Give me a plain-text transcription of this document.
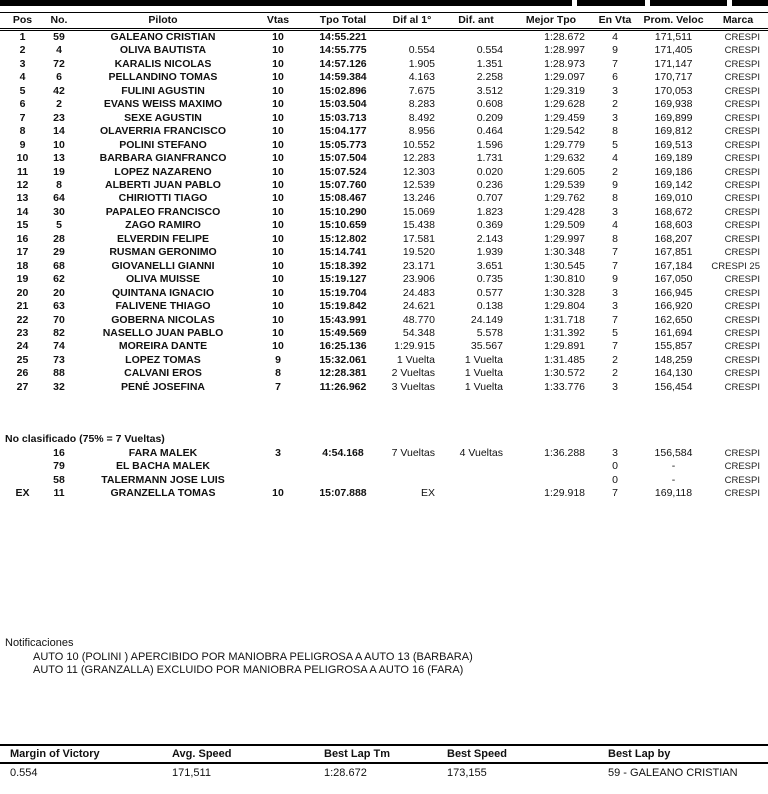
Pos	No.	Piloto	Vtas	Tpo Total	Dif al 1°	Dif. ant	Mejor Tpo	En Vta	Prom. Veloc	Marca
1	59	GALEANO CRISTIAN	10	14:55.221			1:28.672	4	171,511	CRESPI
2	4	OLIVA BAUTISTA	10	14:55.775	0.554	0.554	1:28.997	9	171,405	CRESPI
3	72	KARALIS NICOLAS	10	14:57.126	1.905	1.351	1:28.973	7	171,147	CRESPI
4	6	PELLANDINO TOMAS	10	14:59.384	4.163	2.258	1:29.097	6	170,717	CRESPI
5	42	FULINI AGUSTIN	10	15:02.896	7.675	3.512	1:29.319	3	170,053	CRESPI
6	2	EVANS WEISS MAXIMO	10	15:03.504	8.283	0.608	1:29.628	2	169,938	CRESPI
7	23	SEXE AGUSTIN	10	15:03.713	8.492	0.209	1:29.459	3	169,899	CRESPI
8	14	OLAVERRIA FRANCISCO	10	15:04.177	8.956	0.464	1:29.542	8	169,812	CRESPI
9	10	POLINI STEFANO	10	15:05.773	10.552	1.596	1:29.779	5	169,513	CRESPI
10	13	BARBARA GIANFRANCO	10	15:07.504	12.283	1.731	1:29.632	4	169,189	CRESPI
11	19	LOPEZ NAZARENO	10	15:07.524	12.303	0.020	1:29.605	2	169,186	CRESPI
12	8	ALBERTI JUAN PABLO	10	15:07.760	12.539	0.236	1:29.539	9	169,142	CRESPI
13	64	CHIRIOTTI TIAGO	10	15:08.467	13.246	0.707	1:29.762	8	169,010	CRESPI
14	30	PAPALEO FRANCISCO	10	15:10.290	15.069	1.823	1:29.428	3	168,672	CRESPI
15	5	ZAGO RAMIRO	10	15:10.659	15.438	0.369	1:29.509	4	168,603	CRESPI
16	28	ELVERDIN FELIPE	10	15:12.802	17.581	2.143	1:29.997	8	168,207	CRESPI
17	29	RUSMAN GERONIMO	10	15:14.741	19.520	1.939	1:30.348	7	167,851	CRESPI
18	68	GIOVANELLI GIANNI	10	15:18.392	23.171	3.651	1:30.545	7	167,184	CRESPI 25
19	62	OLIVA MUISSE	10	15:19.127	23.906	0.735	1:30.810	9	167,050	CRESPI
20	20	QUINTANA IGNACIO	10	15:19.704	24.483	0.577	1:30.328	3	166,945	CRESPI
21	63	FALIVENE THIAGO	10	15:19.842	24.621	0.138	1:29.804	3	166,920	CRESPI
22	70	GOBERNA NICOLAS	10	15:43.991	48.770	24.149	1:31.718	7	162,650	CRESPI
23	82	NASELLO JUAN PABLO	10	15:49.569	54.348	5.578	1:31.392	5	161,694	CRESPI
24	74	MOREIRA DANTE	10	16:25.136	1:29.915	35.567	1:29.891	7	155,857	CRESPI
25	73	LOPEZ TOMAS	9	15:32.061	1 Vuelta	1 Vuelta	1:31.485	2	148,259	CRESPI
26	88	CALVANI EROS	8	12:28.381	2 Vueltas	1 Vuelta	1:30.572	2	164,130	CRESPI
27	32	PENÉ JOSEFINA	7	11:26.962	3 Vueltas	1 Vuelta	1:33.776	3	156,454	CRESPI
No clasificado (75% = 7 Vueltas)
	16	FARA MALEK	3	4:54.168	7 Vueltas	4 Vueltas	1:36.288	3	156,584	CRESPI
	79	EL BACHA MALEK						0	-	CRESPI
	58	TALERMANN JOSE LUIS						0	-	CRESPI
EX	11	GRANZELLA TOMAS	10	15:07.888	EX		1:29.918	7	169,118	CRESPI
Notificaciones
AUTO 10 (POLINI ) APERCIBIDO POR MANIOBRA PELIGROSA A AUTO 13 (BARBARA)
AUTO 11 (GRANZALLA) EXCLUIDO POR MANIOBRA PELIGROSA A AUTO 16 (FARA)
Margin of Victory	Avg. Speed	Best Lap Tm	Best Speed	Best Lap by
0.554	171,511	1:28.672	173,155	59 - GALEANO CRISTIAN
